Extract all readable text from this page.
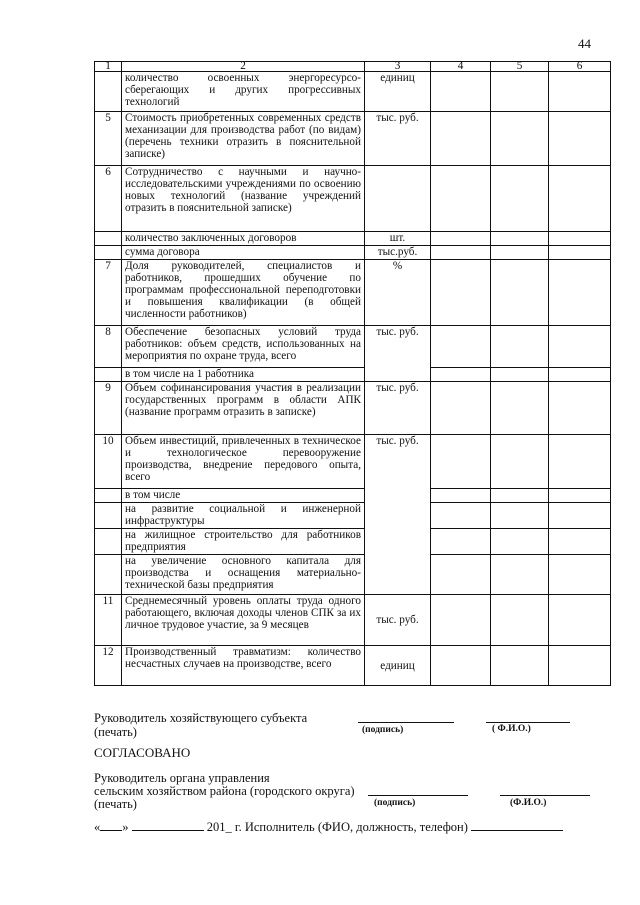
44
1	2	3	4	5	6
	количество освоенных энергоресурсо-сберегающих и других прогрессивных технологий	единиц			
5	Стоимость приобретенных современных средств механизации для производства работ (по видам) (перечень техники отразить в пояснительной записке)	тыс. руб.			
6	Сотрудничество с научными и научно-исследовательскими учреждениями по освоению новых технологий (название учреждений отразить в пояснительной записке)				
	количество заключенных договоров	шт.			
	сумма договора	тыс.руб.			
7	Доля руководителей, специалистов и работников, прошедших обучение по программам профессиональной переподготовки и повышения квалификации (в общей численности работников)	%			
8	Обеспечение безопасных условий труда работников: объем средств, использованных на мероприятия по охране труда, всего	тыс. руб.			
	в том числе на 1 работника				
9	Объем софинансирования участия в реализации государственных программ в области АПК (название программ отразить в записке)	тыс. руб.			
10	Объем инвестиций, привлеченных в техническое и технологическое перевооружение производства, внедрение передового опыта, всего	тыс. руб.			
	в том числе				
	на развитие социальной и инженерной инфраструктуры				
	на жилищное строительство для работников предприятия				
	на увеличение основного капитала для производства и оснащения материально-технической базы предприятия				
11	Среднемесячный уровень оплаты труда одного работающего, включая доходы членов СПК за их личное трудовое участие, за 9 месяцев	тыс. руб.			
12	Производственный травматизм: количество несчастных случаев на производстве, всего	единиц			
Руководитель хозяйствующего субъекта
(печать)	(подпись)	( Ф.И.О.)
СОГЛАСОВАНО
Руководитель органа управления
сельским хозяйством района (городского округа)
(печать)	(подпись)	(Ф.И.О.)
« »	201_ г. Исполнитель (ФИО, должность, телефон)
